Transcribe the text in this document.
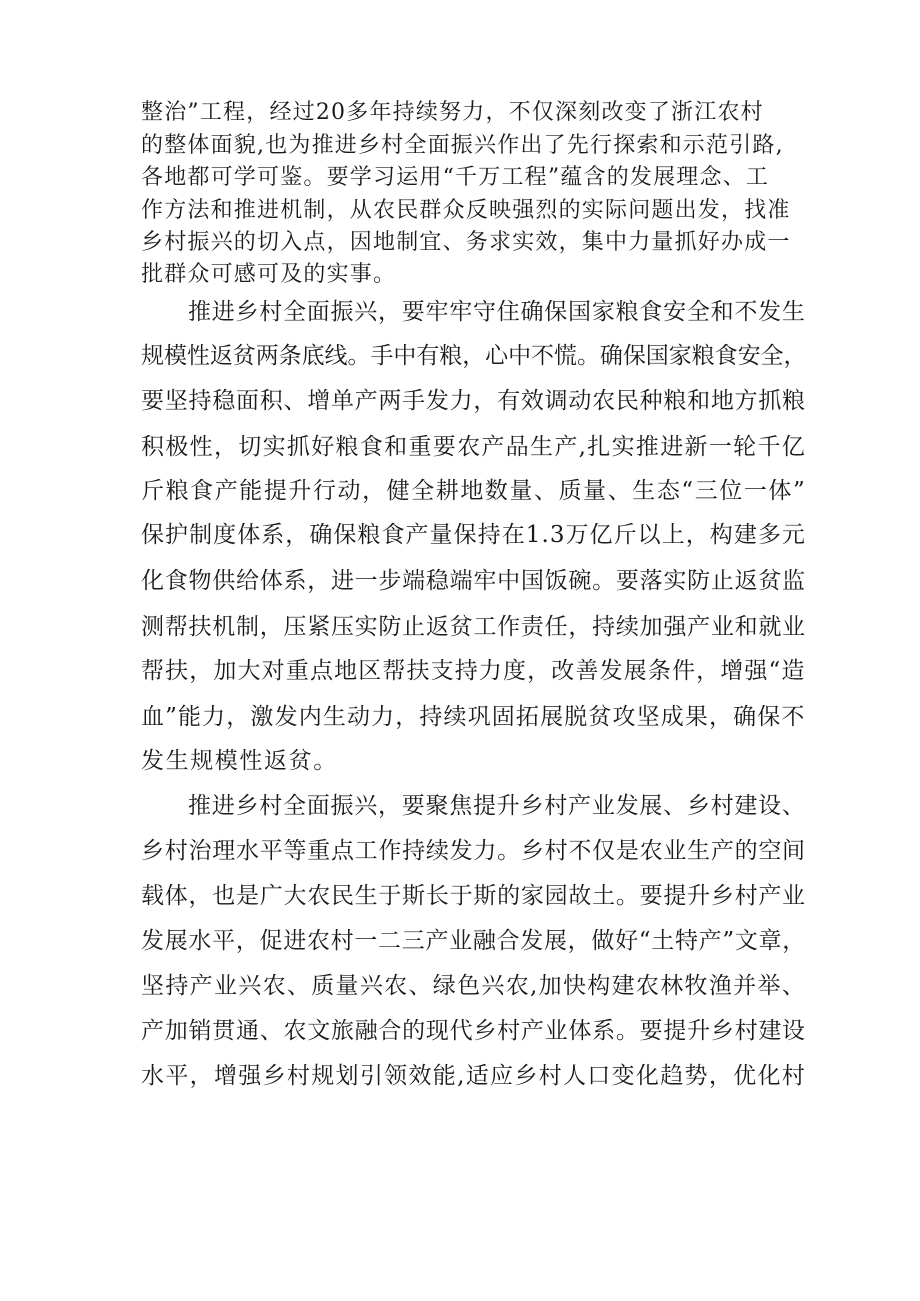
整治”工程，经过20多年持续努力，不仅深刻改变了浙江农村

的整体面貌,也为推进乡村全面振兴作出了先行探索和示范引路,

各地都可学可鉴。要学习运用“千万工程”蕴含的发展理念、工

作方法和推进机制，从农民群众反映强烈的实际问题出发，找准

乡村振兴的切入点，因地制宜、务求实效，集中力量抓好办成一

批群众可感可及的实事。

推进乡村全面振兴，要牢牢守住确保国家粮食安全和不发生

规模性返贫两条底线。手中有粮，心中不慌。确保国家粮食安全，

要坚持稳面积、增单产两手发力，有效调动农民种粮和地方抓粮

积极性，切实抓好粮食和重要农产品生产,扎实推进新一轮千亿

斤粮食产能提升行动，健全耕地数量、质量、生态“三位一体”

保护制度体系，确保粮食产量保持在1.3万亿斤以上，构建多元

化食物供给体系，进一步端稳端牢中国饭碗。要落实防止返贫监

测帮扶机制，压紧压实防止返贫工作责任，持续加强产业和就业

帮扶，加大对重点地区帮扶支持力度，改善发展条件，增强“造

血”能力，激发内生动力，持续巩固拓展脱贫攻坚成果，确保不

发生规模性返贫。

推进乡村全面振兴，要聚焦提升乡村产业发展、乡村建设、

乡村治理水平等重点工作持续发力。乡村不仅是农业生产的空间

载体，也是广大农民生于斯长于斯的家园故土。要提升乡村产业

发展水平，促进农村一二三产业融合发展，做好“土特产”文章，

坚持产业兴农、质量兴农、绿色兴农,加快构建农林牧渔并举、

产加销贯通、农文旅融合的现代乡村产业体系。要提升乡村建设

水平，增强乡村规划引领效能,适应乡村人口变化趋势，优化村
